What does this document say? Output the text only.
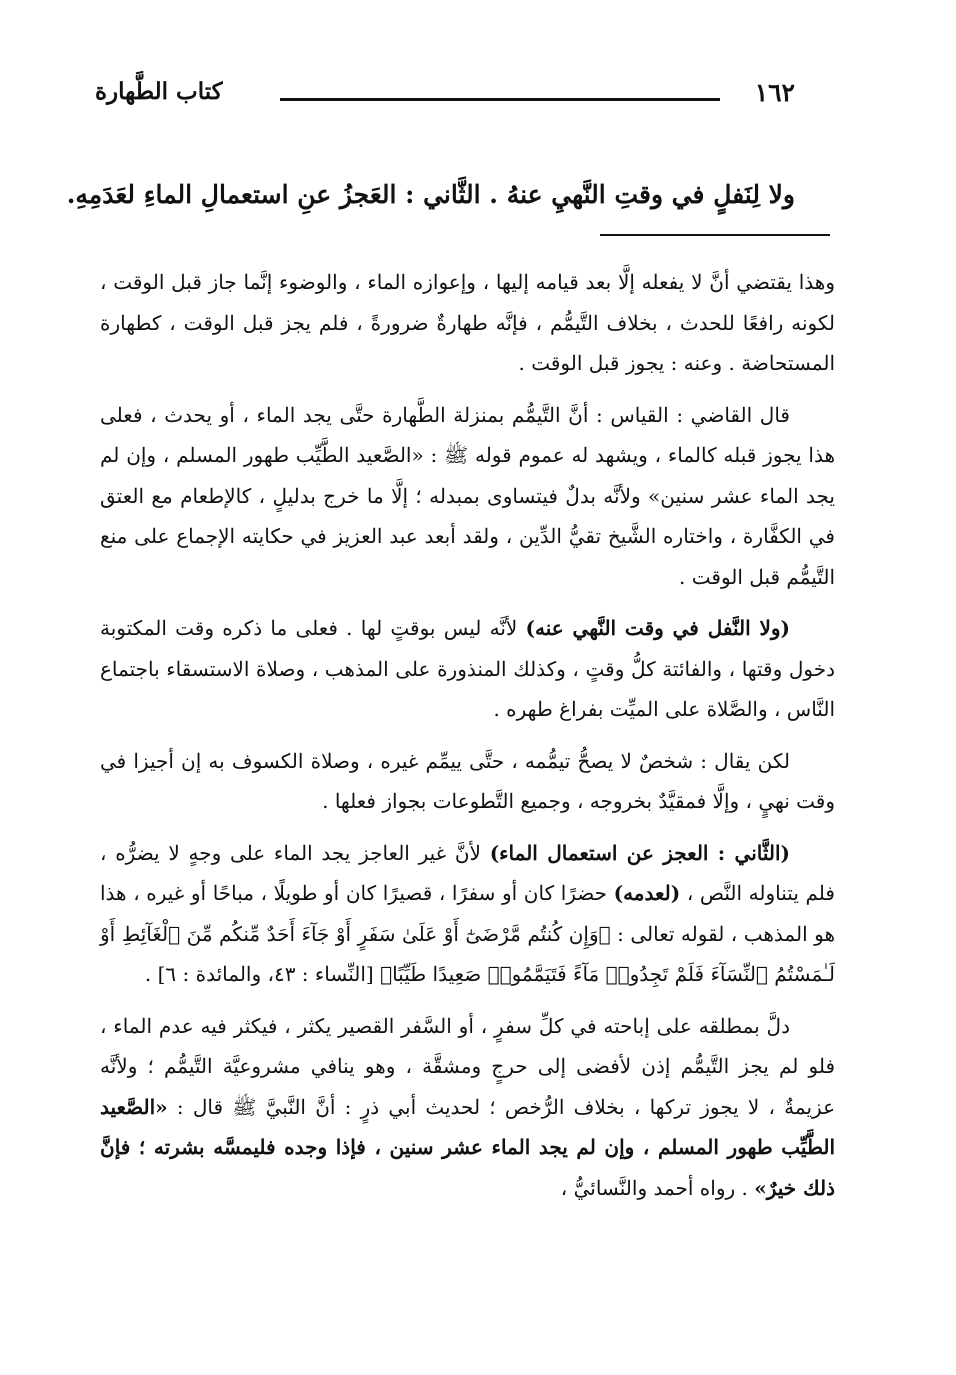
١٦٢
كتاب الطَّهارة
ولا لِنَفلٍ في وقتِ النَّهيِ عنهُ . الثَّاني : العَجزُ عنِ استعمالِ الماءِ لعَدَمِهِ.

وهذا يقتضي أنَّ لا يفعله إلَّا بعد قيامه إليها ، وإعوازه الماء ، والوضوء إنَّما جاز قبل الوقت ، لكونه رافعًا للحدث ، بخلاف التَّيمُّم ، فإنَّه طهارةٌ ضرورةً ، فلم يجز قبل الوقت ، كطهارة المستحاضة . وعنه : يجوز قبل الوقت .

قال القاضي : القياس : أنَّ التَّيمُّم بمنزلة الطَّهارة حتَّى يجد الماء ، أو يحدث ، فعلى هذا يجوز قبله كالماء ، ويشهد له عموم قوله ﷺ : «الصَّعيد الطَّيِّب طهور المسلم ، وإن لم يجد الماء عشر سنين» ولأنَّه بدلٌ فيتساوى بمبدله ؛ إلَّا ما خرج بدليلٍ ، كالإطعام مع العتق في الكفَّارة ، واختاره الشَّيخ تقيُّ الدِّين ، ولقد أبعد عبد العزيز في حكايته الإجماع على منع التَّيمُّم قبل الوقت .

(ولا النَّفل في وقت النَّهي عنه) لأنَّه ليس بوقتٍ لها . فعلى ما ذكره وقت المكتوبة دخول وقتها ، والفائتة كلُّ وقتٍ ، وكذلك المنذورة على المذهب ، وصلاة الاستسقاء باجتماع النَّاس ، والصَّلاة على الميِّت بفراغ طهره .

لكن يقال : شخصٌ لا يصحُّ تيمُّمه ، حتَّى ييمِّم غيره ، وصلاة الكسوف به إن أجيزا في وقت نهيٍ ، وإلَّا فمقيَّدٌ بخروجه ، وجميع التَّطوعات بجواز فعلها .

(الثَّاني : العجز عن استعمال الماء) لأنَّ غير العاجز يجد الماء على وجهٍ لا يضرُّه ، فلم يتناوله النَّص ، (لعدمه) حضرًا كان أو سفرًا ، قصيرًا كان أو طويلًا ، مباحًا أو غيره ، هذا هو المذهب ، لقوله تعالى : ﴿وَإِن كُنتُم مَّرْضَىٰٓ أَوْ عَلَىٰ سَفَرٍ أَوْ جَآءَ أَحَدٌ مِّنكُم مِّنَ ٱلْغَآئِطِ أَوْ لَـٰمَسْتُمُ ٱلنِّسَآءَ فَلَمْ تَجِدُوا۟ مَآءً فَتَيَمَّمُوا۟ صَعِيدًا طَيِّبًا﴾ [النِّساء : ٤٣، والمائدة : ٦] .

دلَّ بمطلقه على إباحته في كلِّ سفرٍ ، أو السَّفر القصير يكثر ، فيكثر فيه عدم الماء ، فلو لم يجز التَّيمُّم إذن لأفضى إلى حرجٍ ومشقَّة ، وهو ينافي مشروعيَّة التَّيمُّم ؛ ولأنَّه عزيمةٌ ، لا يجوز تركها ، بخلاف الرُّخص ؛ لحديث أبي ذرٍ : أنَّ النَّبيَّ ﷺ قال : «الصَّعيد الطَّيِّب طهور المسلم ، وإن لم يجد الماء عشر سنين ، فإذا وجده فليمسَّه بشرته ؛ فإنَّ ذلك خيرٌ» . رواه أحمد والنَّسائيُّ ،
